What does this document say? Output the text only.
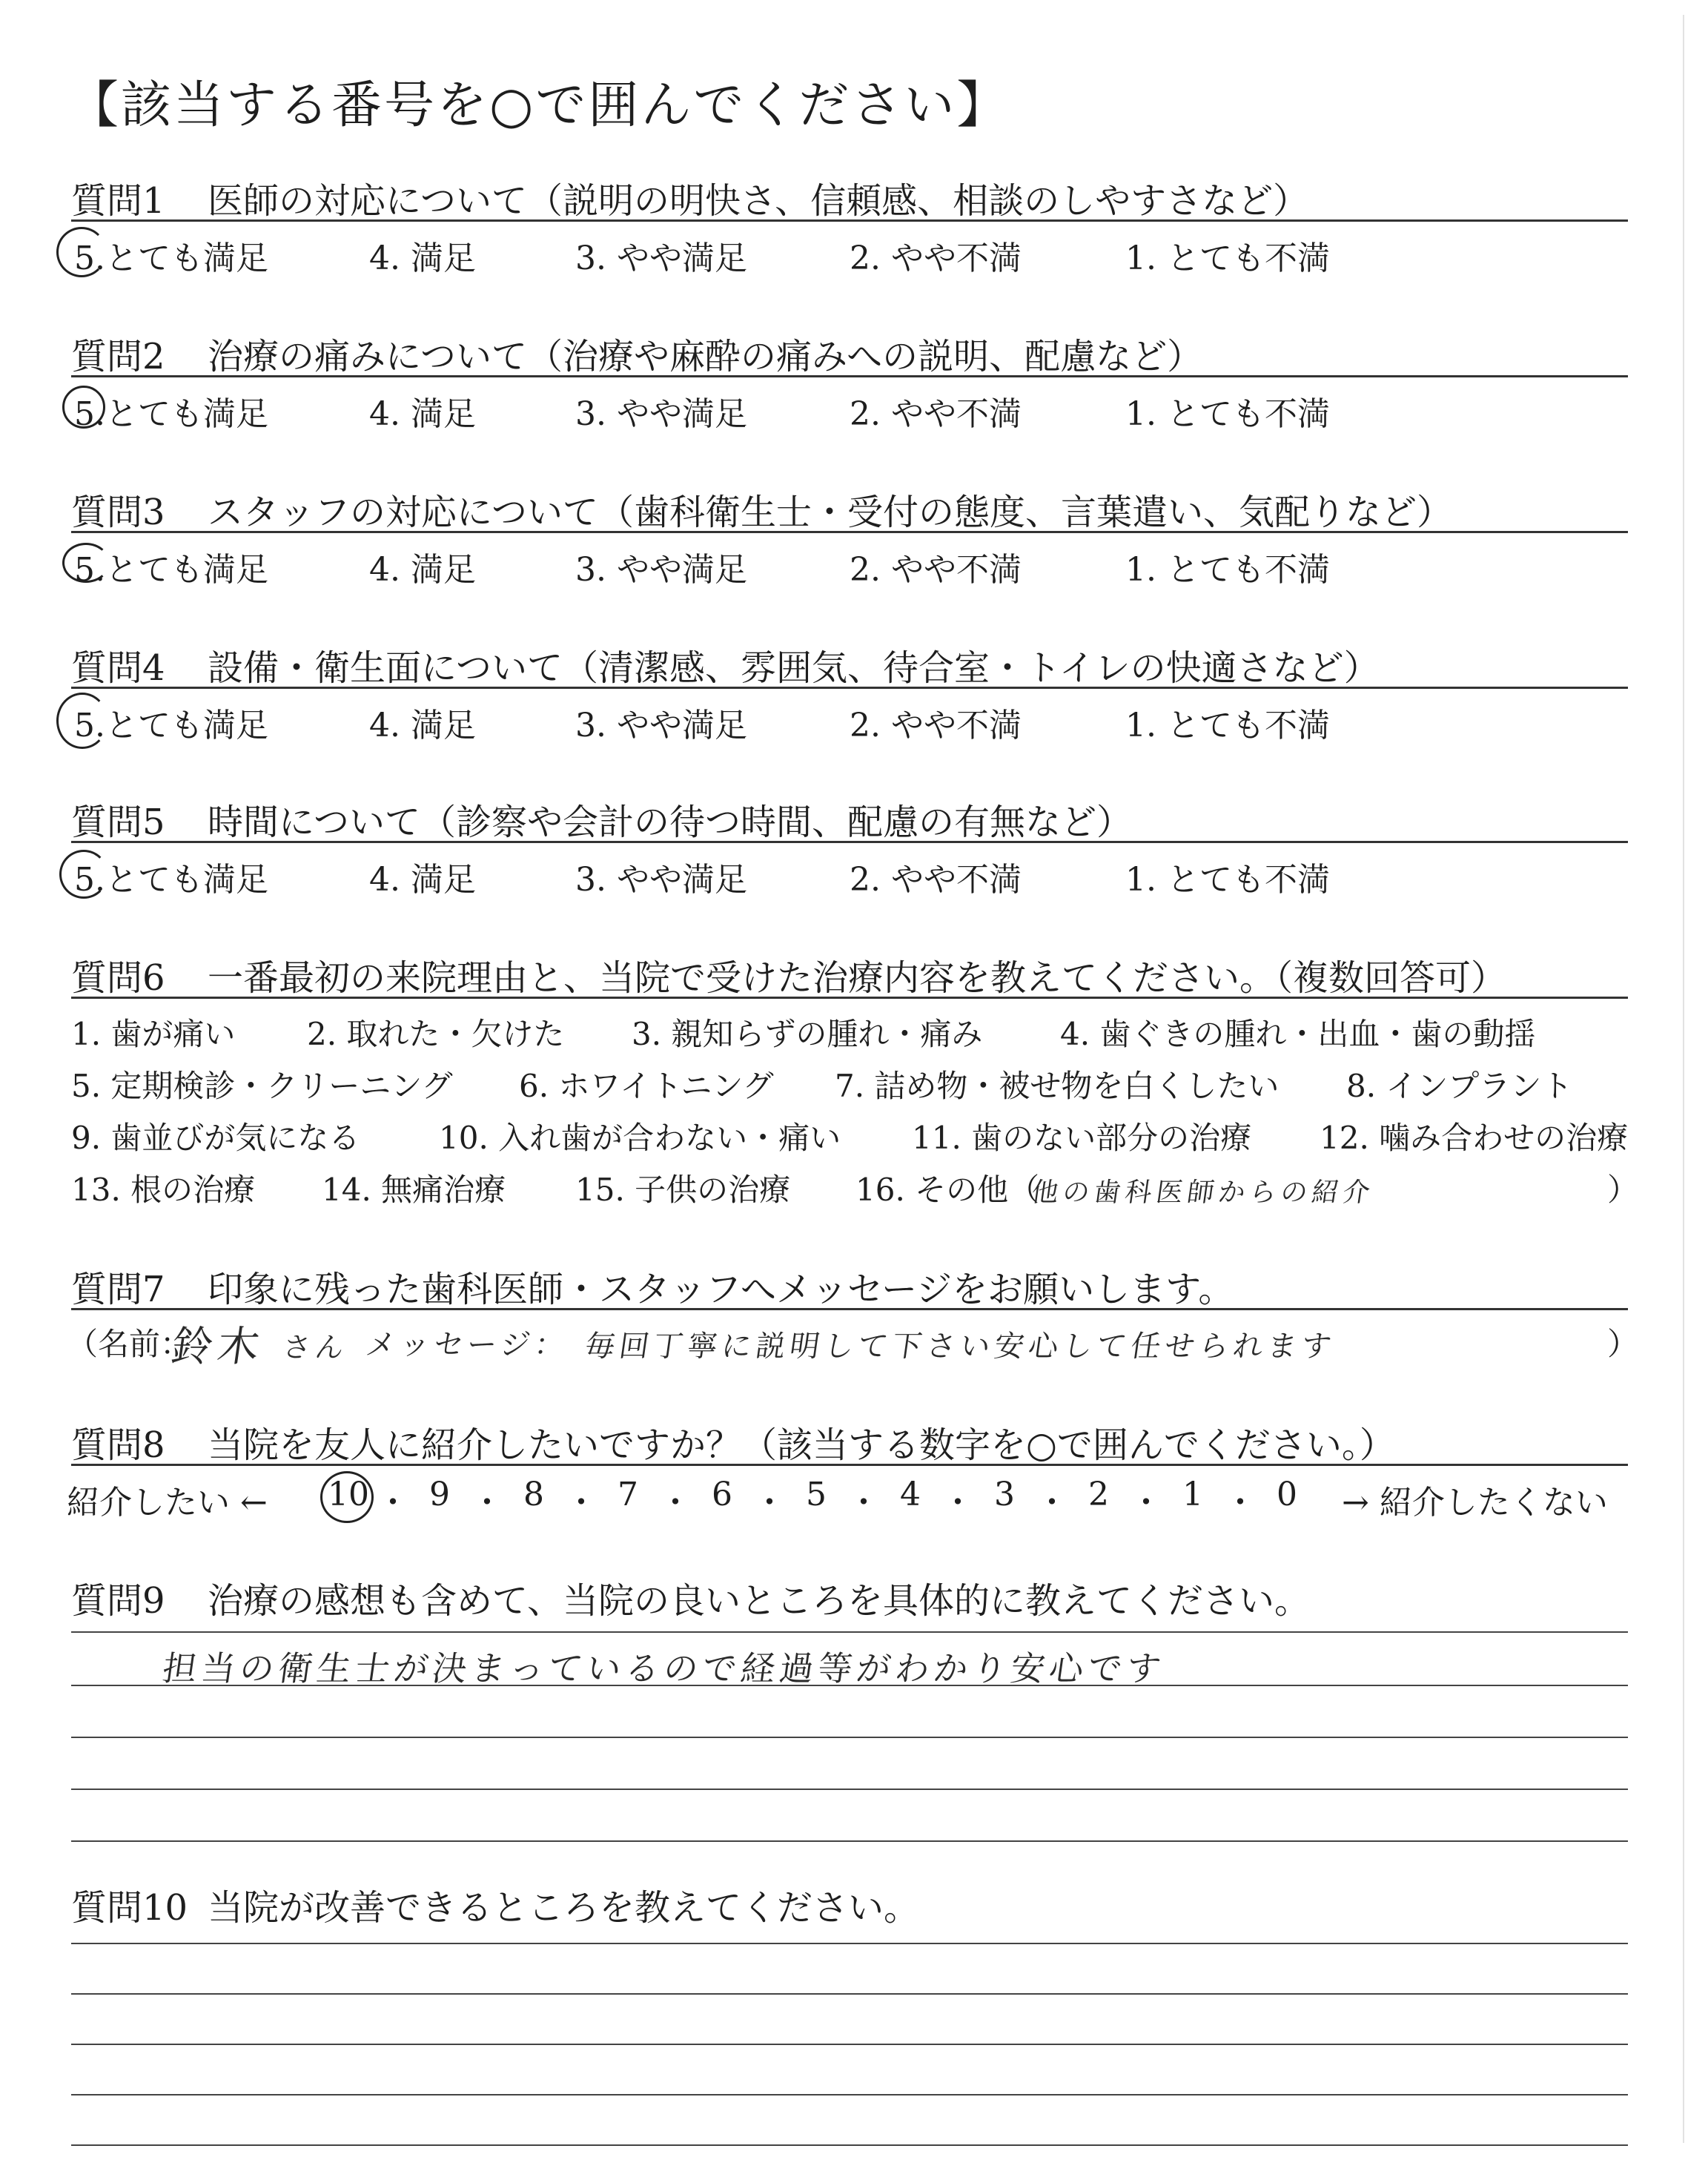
【該当する番号を○で囲んでください】
質問1 医師の対応について（説明の明快さ、信頼感、相談のしやすさなど）
5.とても満足	4. 満足	3. やや満足	2. やや不満	1. とても不満
質問2 治療の痛みについて（治療や麻酔の痛みへの説明、配慮など）
5.とても満足	4. 満足	3. やや満足	2. やや不満	1. とても不満
質問3 スタッフの対応について（歯科衛生士・受付の態度、言葉遣い、気配りなど）
5.とても満足	4. 満足	3. やや満足	2. やや不満	1. とても不満
質問4 設備・衛生面について（清潔感、雰囲気、待合室・トイレの快適さなど）
5.とても満足	4. 満足	3. やや満足	2. やや不満	1. とても不満
質問5 時間について（診察や会計の待つ時間、配慮の有無など）
5.とても満足	4. 満足	3. やや満足	2. やや不満	1. とても不満
質問6 一番最初の来院理由と、当院で受けた治療内容を教えてください。（複数回答可）
1. 歯が痛い 2. 取れた・欠けた 3. 親知らずの腫れ・痛み 4. 歯ぐきの腫れ・出血・歯の動揺
5. 定期検診・クリーニング 6. ホワイトニング 7. 詰め物・被せ物を白くしたい 8. インプラント
9. 歯並びが気になる	10. 入れ歯が合わない・痛い 11. 歯のない部分の治療 12. 噛み合わせの治療
13. 根の治療 14. 無痛治療 15. 子供の治療 16. その他（
他の歯科医師からの紹介	）
質問7 印象に残った歯科医師・スタッフへメッセージをお願いします。
（名前：
鈴木 さん メッセージ： 毎回丁寧に説明して下さい安心して任せられます	）
質問8 当院を友人に紹介したいですか？（該当する数字を○で囲んでください。）
紹介したい ← 10 ・ 9 ・ 8 ・ 7 ・ 6 ・ 5 ・ 4 ・ 3 ・ 2 ・ 1 ・ 0 → 紹介したくない
質問9 治療の感想も含めて、当院の良いところを具体的に教えてください。
担当の衛生士が決まっているので経過等がわかり安心です
質問10 当院が改善できるところを教えてください。
